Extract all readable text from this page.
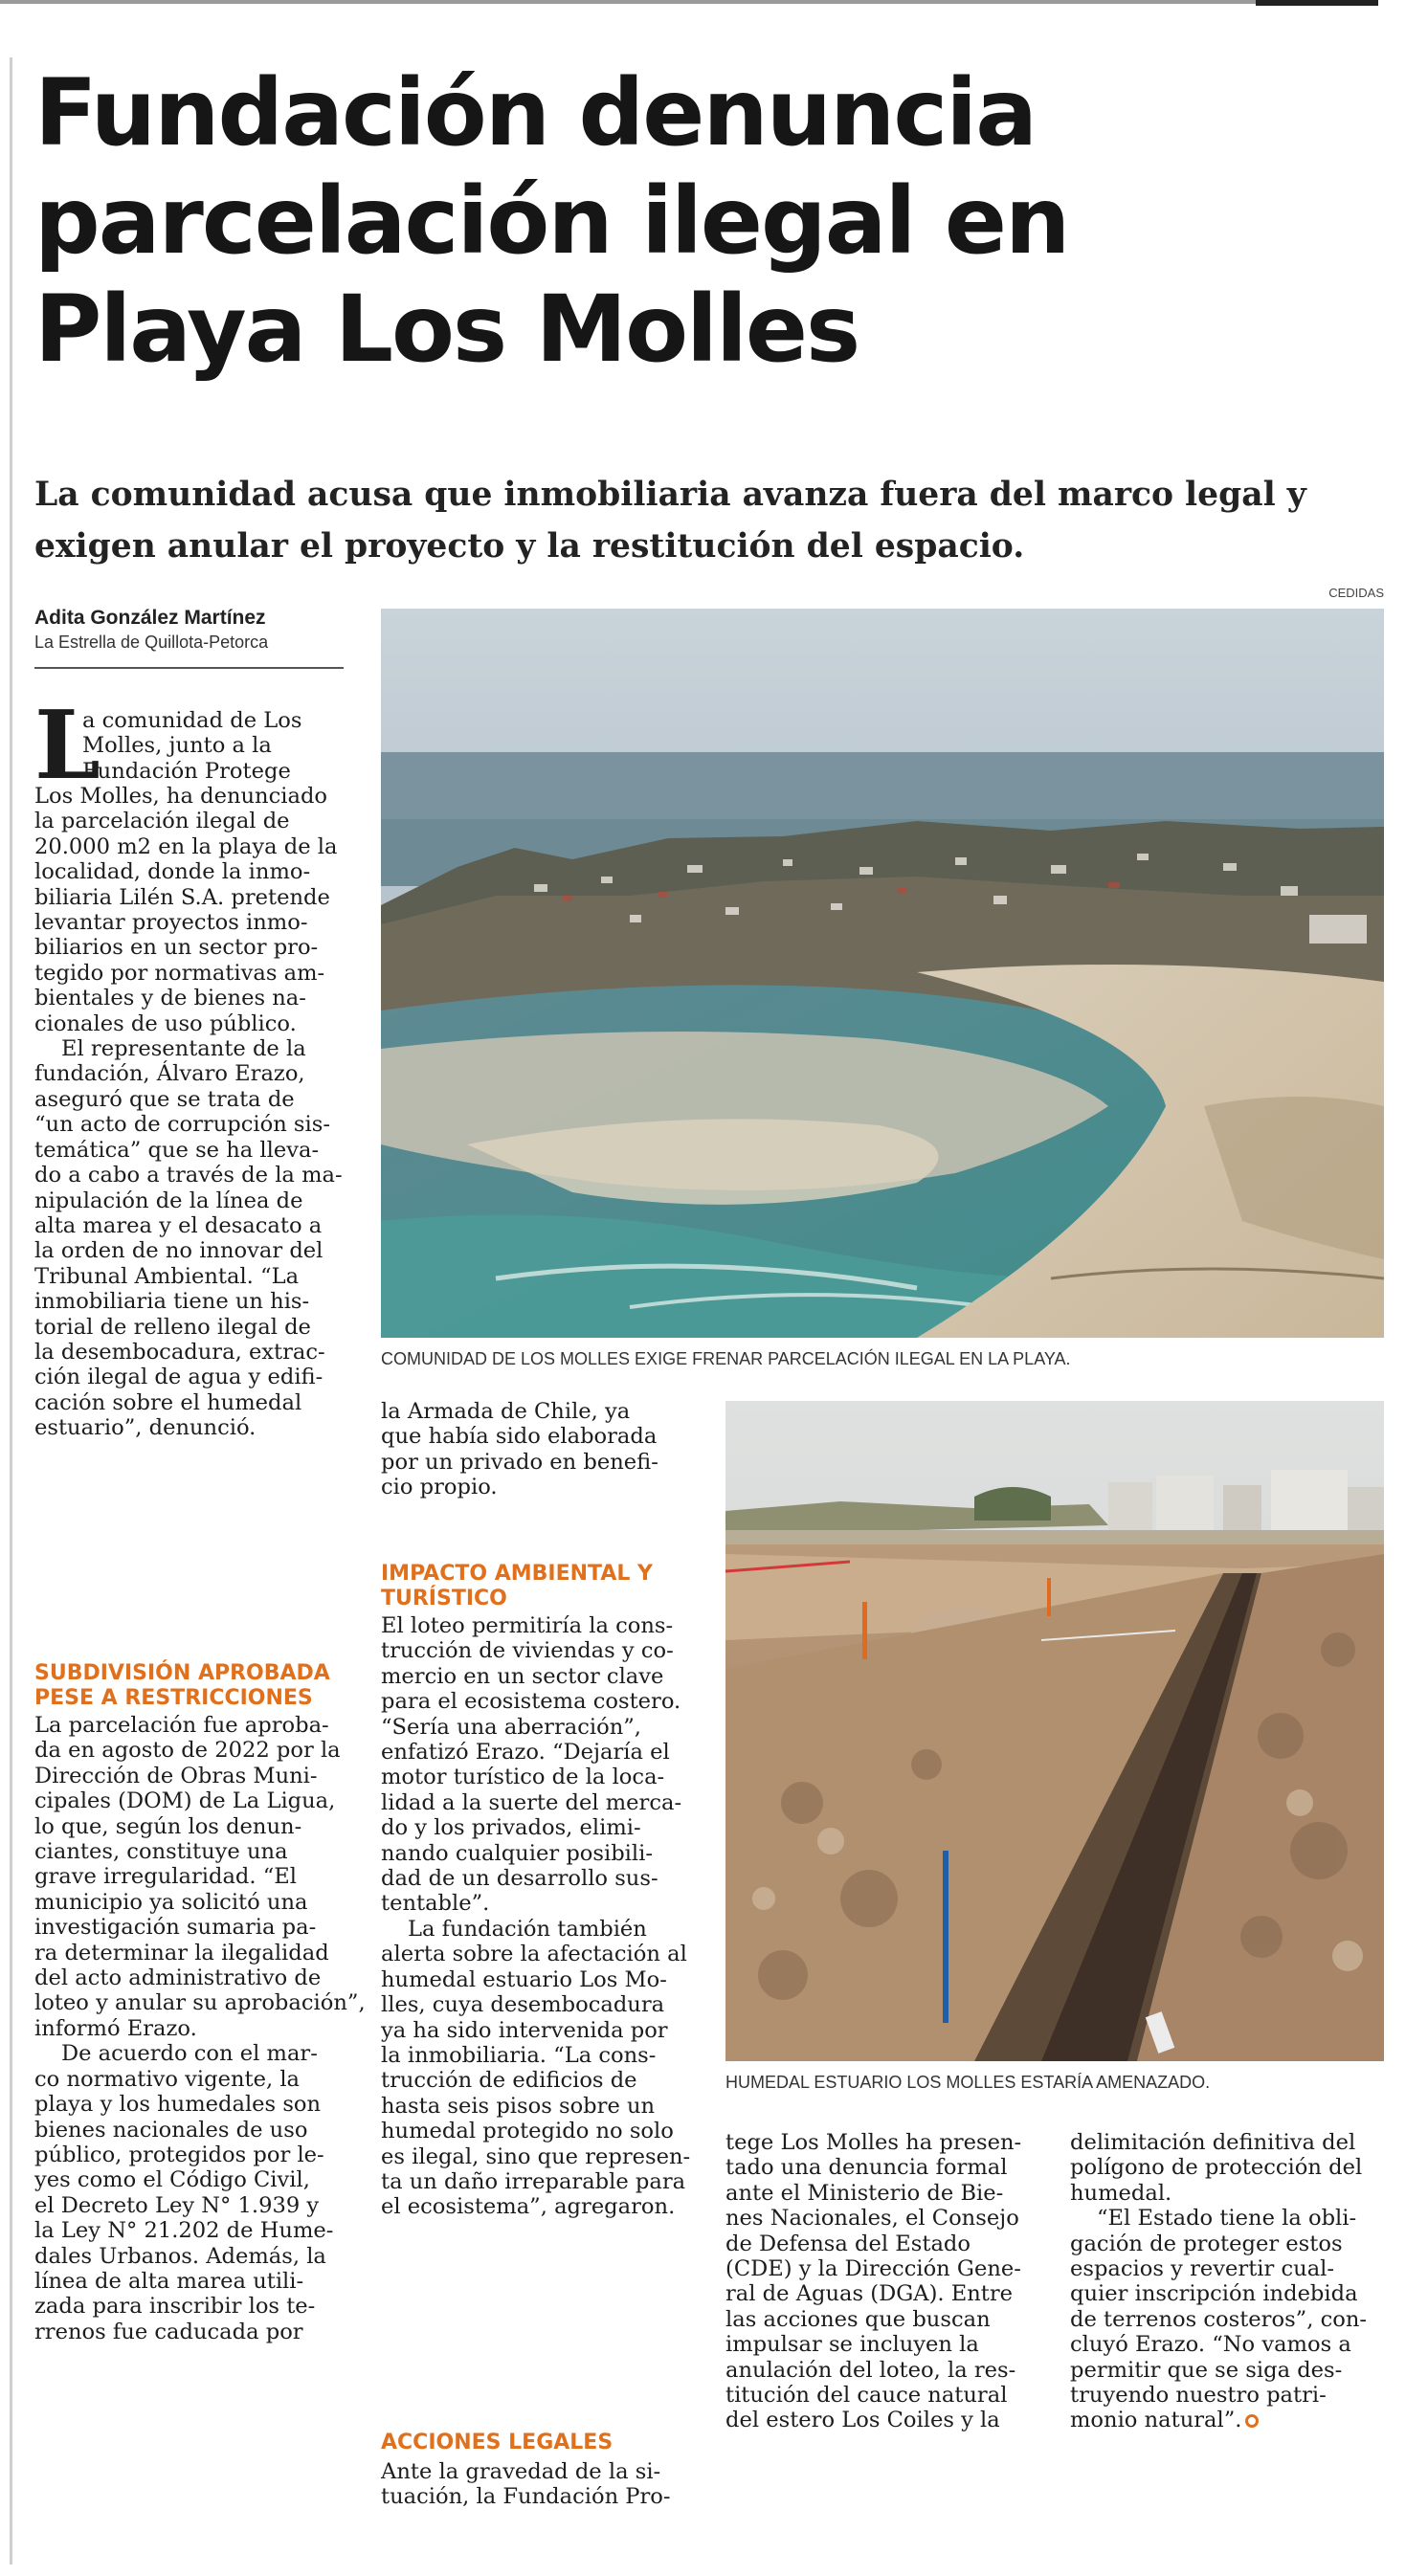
Fundación denuncia
parcelación ilegal en
Playa Los Molles
La comunidad acusa que inmobiliaria avanza fuera del marco legal y
exigen anular el proyecto y la restitución del espacio.
Adita González Martínez
La Estrella de Quillota-Petorca
CEDIDAS
COMUNIDAD DE LOS MOLLES EXIGE FRENAR PARCELACIÓN ILEGAL EN LA PLAYA.
HUMEDAL ESTUARIO LOS MOLLES ESTARÍA AMENAZADO.
L
a comunidad de Los
Molles, junto a la
Fundación Protege
Los Molles, ha denunciado
la parcelación ilegal de
20.000 m2 en la playa de la
localidad, donde la inmo-
biliaria Lilén S.A. pretende
levantar proyectos inmo-
biliarios en un sector pro-
tegido por normativas am-
bientales y de bienes na-
cionales de uso público.
El representante de la
fundación, Álvaro Erazo,
aseguró que se trata de
“un acto de corrupción sis-
temática” que se ha lleva-
do a cabo a través de la ma-
nipulación de la línea de
alta marea y el desacato a
la orden de no innovar del
Tribunal Ambiental. “La
inmobiliaria tiene un his-
torial de relleno ilegal de
la desembocadura, extrac-
ción ilegal de agua y edifi-
cación sobre el humedal
estuario”, denunció.
SUBDIVISIÓN APROBADA
PESE A RESTRICCIONES
La parcelación fue aproba-
da en agosto de 2022 por la
Dirección de Obras Muni-
cipales (DOM) de La Ligua,
lo que, según los denun-
ciantes, constituye una
grave irregularidad. “El
municipio ya solicitó una
investigación sumaria pa-
ra determinar la ilegalidad
del acto administrativo de
loteo y anular su aprobación”,
informó Erazo.
De acuerdo con el mar-
co normativo vigente, la
playa y los humedales son
bienes nacionales de uso
público, protegidos por le-
yes como el Código Civil,
el Decreto Ley N° 1.939 y
la Ley N° 21.202 de Hume-
dales Urbanos. Además, la
línea de alta marea utili-
zada para inscribir los te-
rrenos fue caducada por
la Armada de Chile, ya
que había sido elaborada
por un privado en benefi-
cio propio.
IMPACTO AMBIENTAL Y
TURÍSTICO
El loteo permitiría la cons-
trucción de viviendas y co-
mercio en un sector clave
para el ecosistema costero.
“Sería una aberración”,
enfatizó Erazo. “Dejaría el
motor turístico de la loca-
lidad a la suerte del merca-
do y los privados, elimi-
nando cualquier posibili-
dad de un desarrollo sus-
tentable”.
La fundación también
alerta sobre la afectación al
humedal estuario Los Mo-
lles, cuya desembocadura
ya ha sido intervenida por
la inmobiliaria. “La cons-
trucción de edificios de
hasta seis pisos sobre un
humedal protegido no solo
es ilegal, sino que represen-
ta un daño irreparable para
el ecosistema”, agregaron.
ACCIONES LEGALES
Ante la gravedad de la si-
tuación, la Fundación Pro-
tege Los Molles ha presen-
tado una denuncia formal
ante el Ministerio de Bie-
nes Nacionales, el Consejo
de Defensa del Estado
(CDE) y la Dirección Gene-
ral de Aguas (DGA). Entre
las acciones que buscan
impulsar se incluyen la
anulación del loteo, la res-
titución del cauce natural
del estero Los Coiles y la
delimitación definitiva del
polígono de protección del
humedal.
“El Estado tiene la obli-
gación de proteger estos
espacios y revertir cual-
quier inscripción indebida
de terrenos costeros”, con-
cluyó Erazo. “No vamos a
permitir que se siga des-
truyendo nuestro patri-
monio natural”.
